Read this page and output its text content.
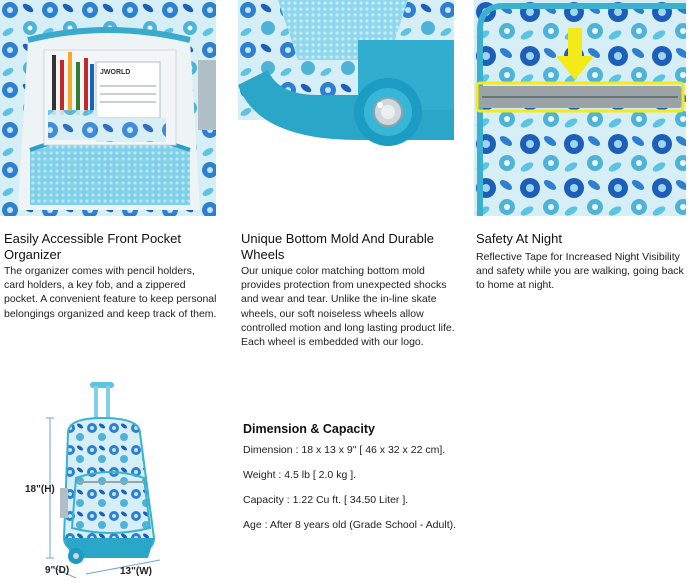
JWORLD
Easily Accessible Front Pocket Organizer
The organizer comes with pencil holders, card holders, a key fob, and a zippered pocket. A convenient feature to keep personal belongings organized and keep track of them.
Unique Bottom Mold And Durable Wheels
Our unique color matching bottom mold provides protection from unexpected shocks and wear and tear. Unlike the in-line skate wheels, our soft noiseless wheels allow controlled motion and long lasting product life. Each wheel is embedded with our logo.
Safety At Night
Reflective Tape for Increased Night Visibility and safety while you are walking, going back to home at night.
18"(H)
9"(D)	13"(W)
Dimension & Capacity
Dimension : 18 x 13 x 9" [ 46 x 32 x 22 cm].
Weight : 4.5 lb [ 2.0 kg ].
Capacity : 1.22 Cu ft. [ 34.50 Liter ].
Age : After 8 years old (Grade School - Adult).
